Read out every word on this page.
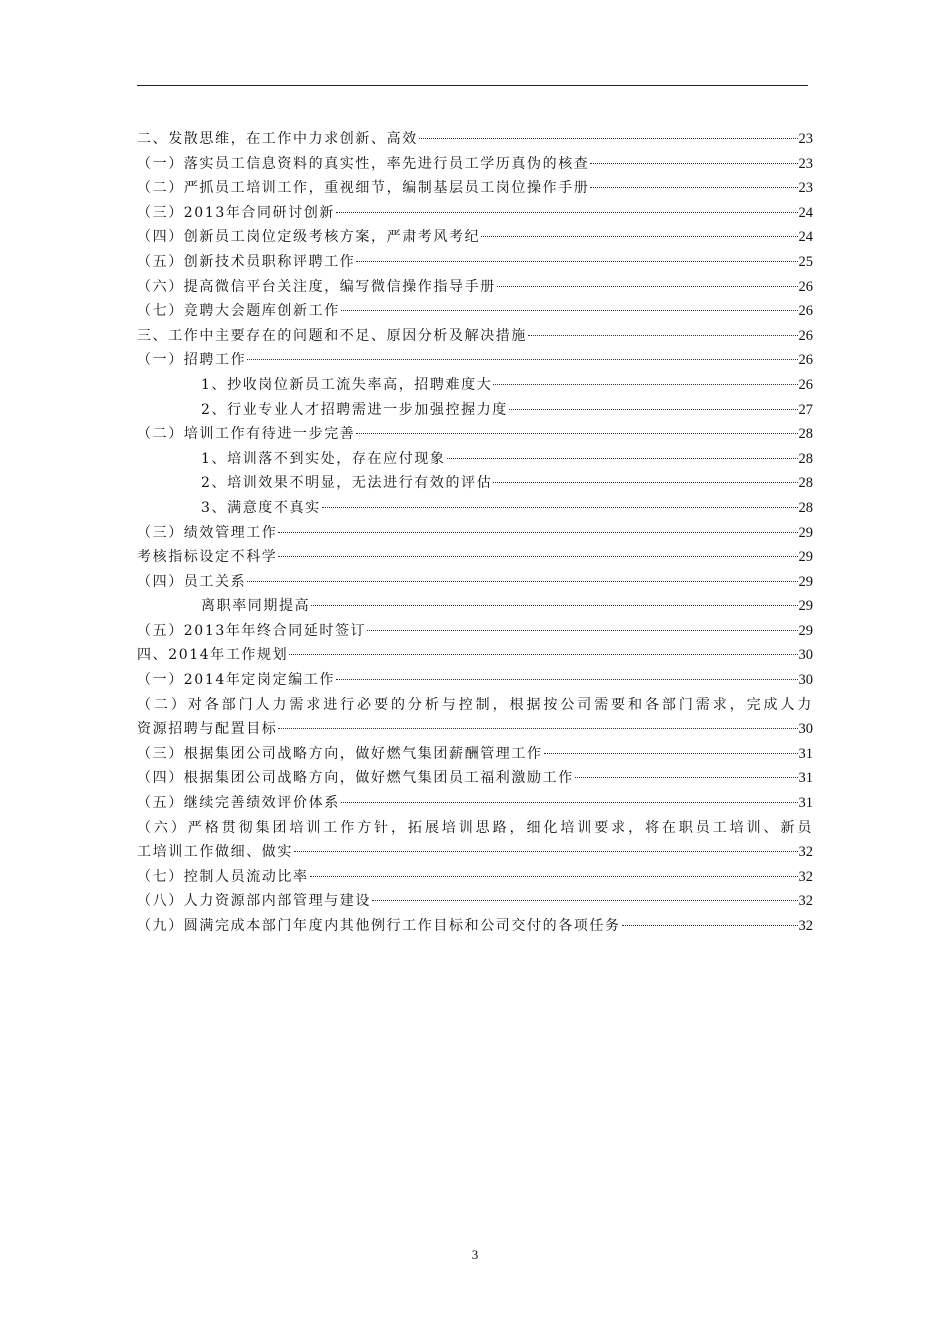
二、发散思维，在工作中力求创新、高效	23
（一）落实员工信息资料的真实性，率先进行员工学历真伪的核查	23
（二）严抓员工培训工作，重视细节，编制基层员工岗位操作手册	23
（三）2013年合同研讨创新	24
（四）创新员工岗位定级考核方案，严肃考风考纪	24
（五）创新技术员职称评聘工作	25
（六）提高微信平台关注度，编写微信操作指导手册	26
（七）竞聘大会题库创新工作	26
三、工作中主要存在的问题和不足、原因分析及解决措施	26
（一）招聘工作	26
1、抄收岗位新员工流失率高，招聘难度大	26
2、行业专业人才招聘需进一步加强控握力度	27
（二）培训工作有待进一步完善	28
1、培训落不到实处，存在应付现象	28
2、培训效果不明显，无法进行有效的评估	28
3、满意度不真实	28
（三）绩效管理工作	29
考核指标设定不科学	29
（四）员工关系	29
离职率同期提高	29
（五）2013年年终合同延时签订	29
四、2014年工作规划	30
（一）2014年定岗定编工作	30
（二）对各部门人力需求进行必要的分析与控制，根据按公司需要和各部门需求，完成人力
资源招聘与配置目标	30
（三）根据集团公司战略方向，做好燃气集团薪酬管理工作	31
（四）根据集团公司战略方向，做好燃气集团员工福利激励工作	31
（五）继续完善绩效评价体系	31
（六）严格贯彻集团培训工作方针，拓展培训思路，细化培训要求，将在职员工培训、新员
工培训工作做细、做实	32
（七）控制人员流动比率	32
（八）人力资源部内部管理与建设	32
（九）圆满完成本部门年度内其他例行工作目标和公司交付的各项任务	32
3
